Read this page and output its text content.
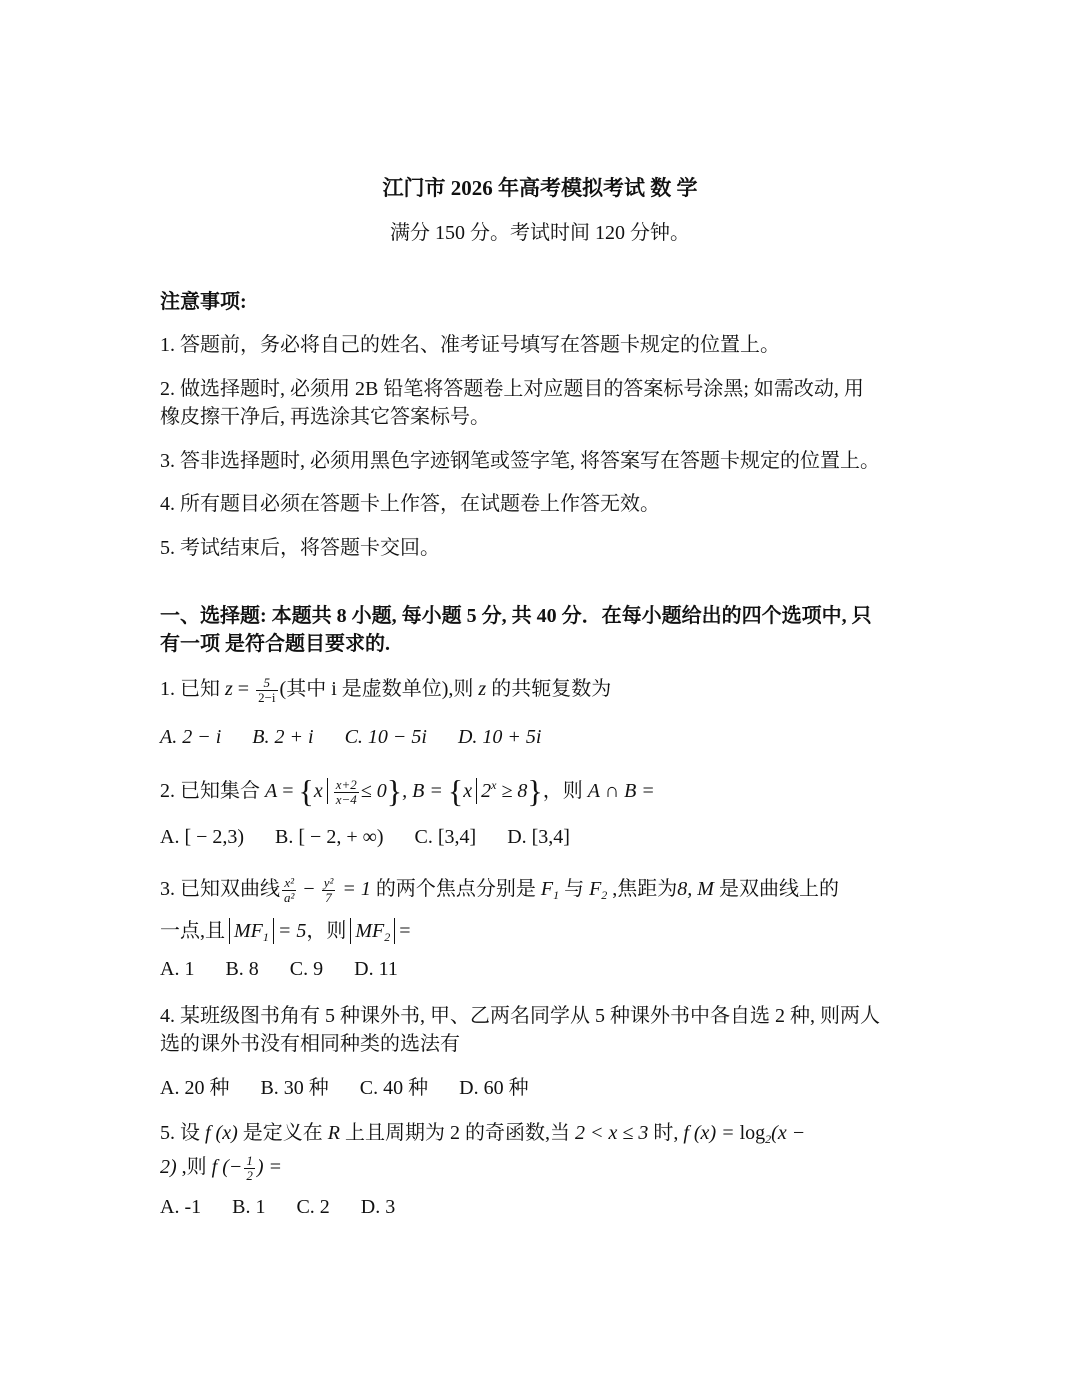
江门市 2026 年高考模拟考试 数 学
满分 150 分。考试时间 120 分钟。
注意事项:
1. 答题前，务必将自己的姓名、准考证号填写在答题卡规定的位置上。
2. 做选择题时, 必须用 2B 铅笔将答题卷上对应题目的答案标号涂黑; 如需改动, 用
橡皮擦干净后, 再选涂其它答案标号。
3. 答非选择题时, 必须用黑色字迹钢笔或签字笔, 将答案写在答题卡规定的位置上。
4. 所有题目必须在答题卡上作答，在试题卷上作答无效。
5. 考试结束后，将答题卡交回。
一、选择题: 本题共 8 小题, 每小题 5 分, 共 40 分．在每小题给出的四个选项中, 只
有一项 是符合题目要求的.
1. 已知 $z = \frac{5}{2-i}$ (其中 i 是虚数单位),则 z 的共轭复数为
A. 2 − i B. 2 + i C. 10 − 5i D. 10 + 5i
2. 已知集合 $A = \{x \frac{x+2}{x-4} \le 0\}$, B = {x $2^x \ge 8$}，则 A ∩ B =
A. [ − 2,3) B. [ − 2, + ∞) C. [3,4] D. [3,4]
3. 已知双曲线 $\frac{\text{x²}}{\text{a²}} - \frac{\text{y²}}{7} = 1$ 的两个焦点分别是 $F_1$ 与 $F_2$ ,焦距为8, M 是双曲线上的
一点,且 $MF_1 = 5$，则 $MF_2$ =
A. 1 B. 8 C. 9 D. 11
4. 某班级图书角有 5 种课外书, 甲、乙两名同学从 5 种课外书中各自选 2 种, 则两人
选的课外书没有相同种类的选法有
A. 20 种 B. 30 种 C. 40 种 D. 60 种
5. 设 f (x) 是定义在 R 上且周期为 2 的奇函数,当 2 < x ≤ 3 时, f $(x) = \log_2(x$ −
2) ,则 f (− $\frac{1}{2}$ ) =
A. -1 B. 1 C. 2 D. 3
